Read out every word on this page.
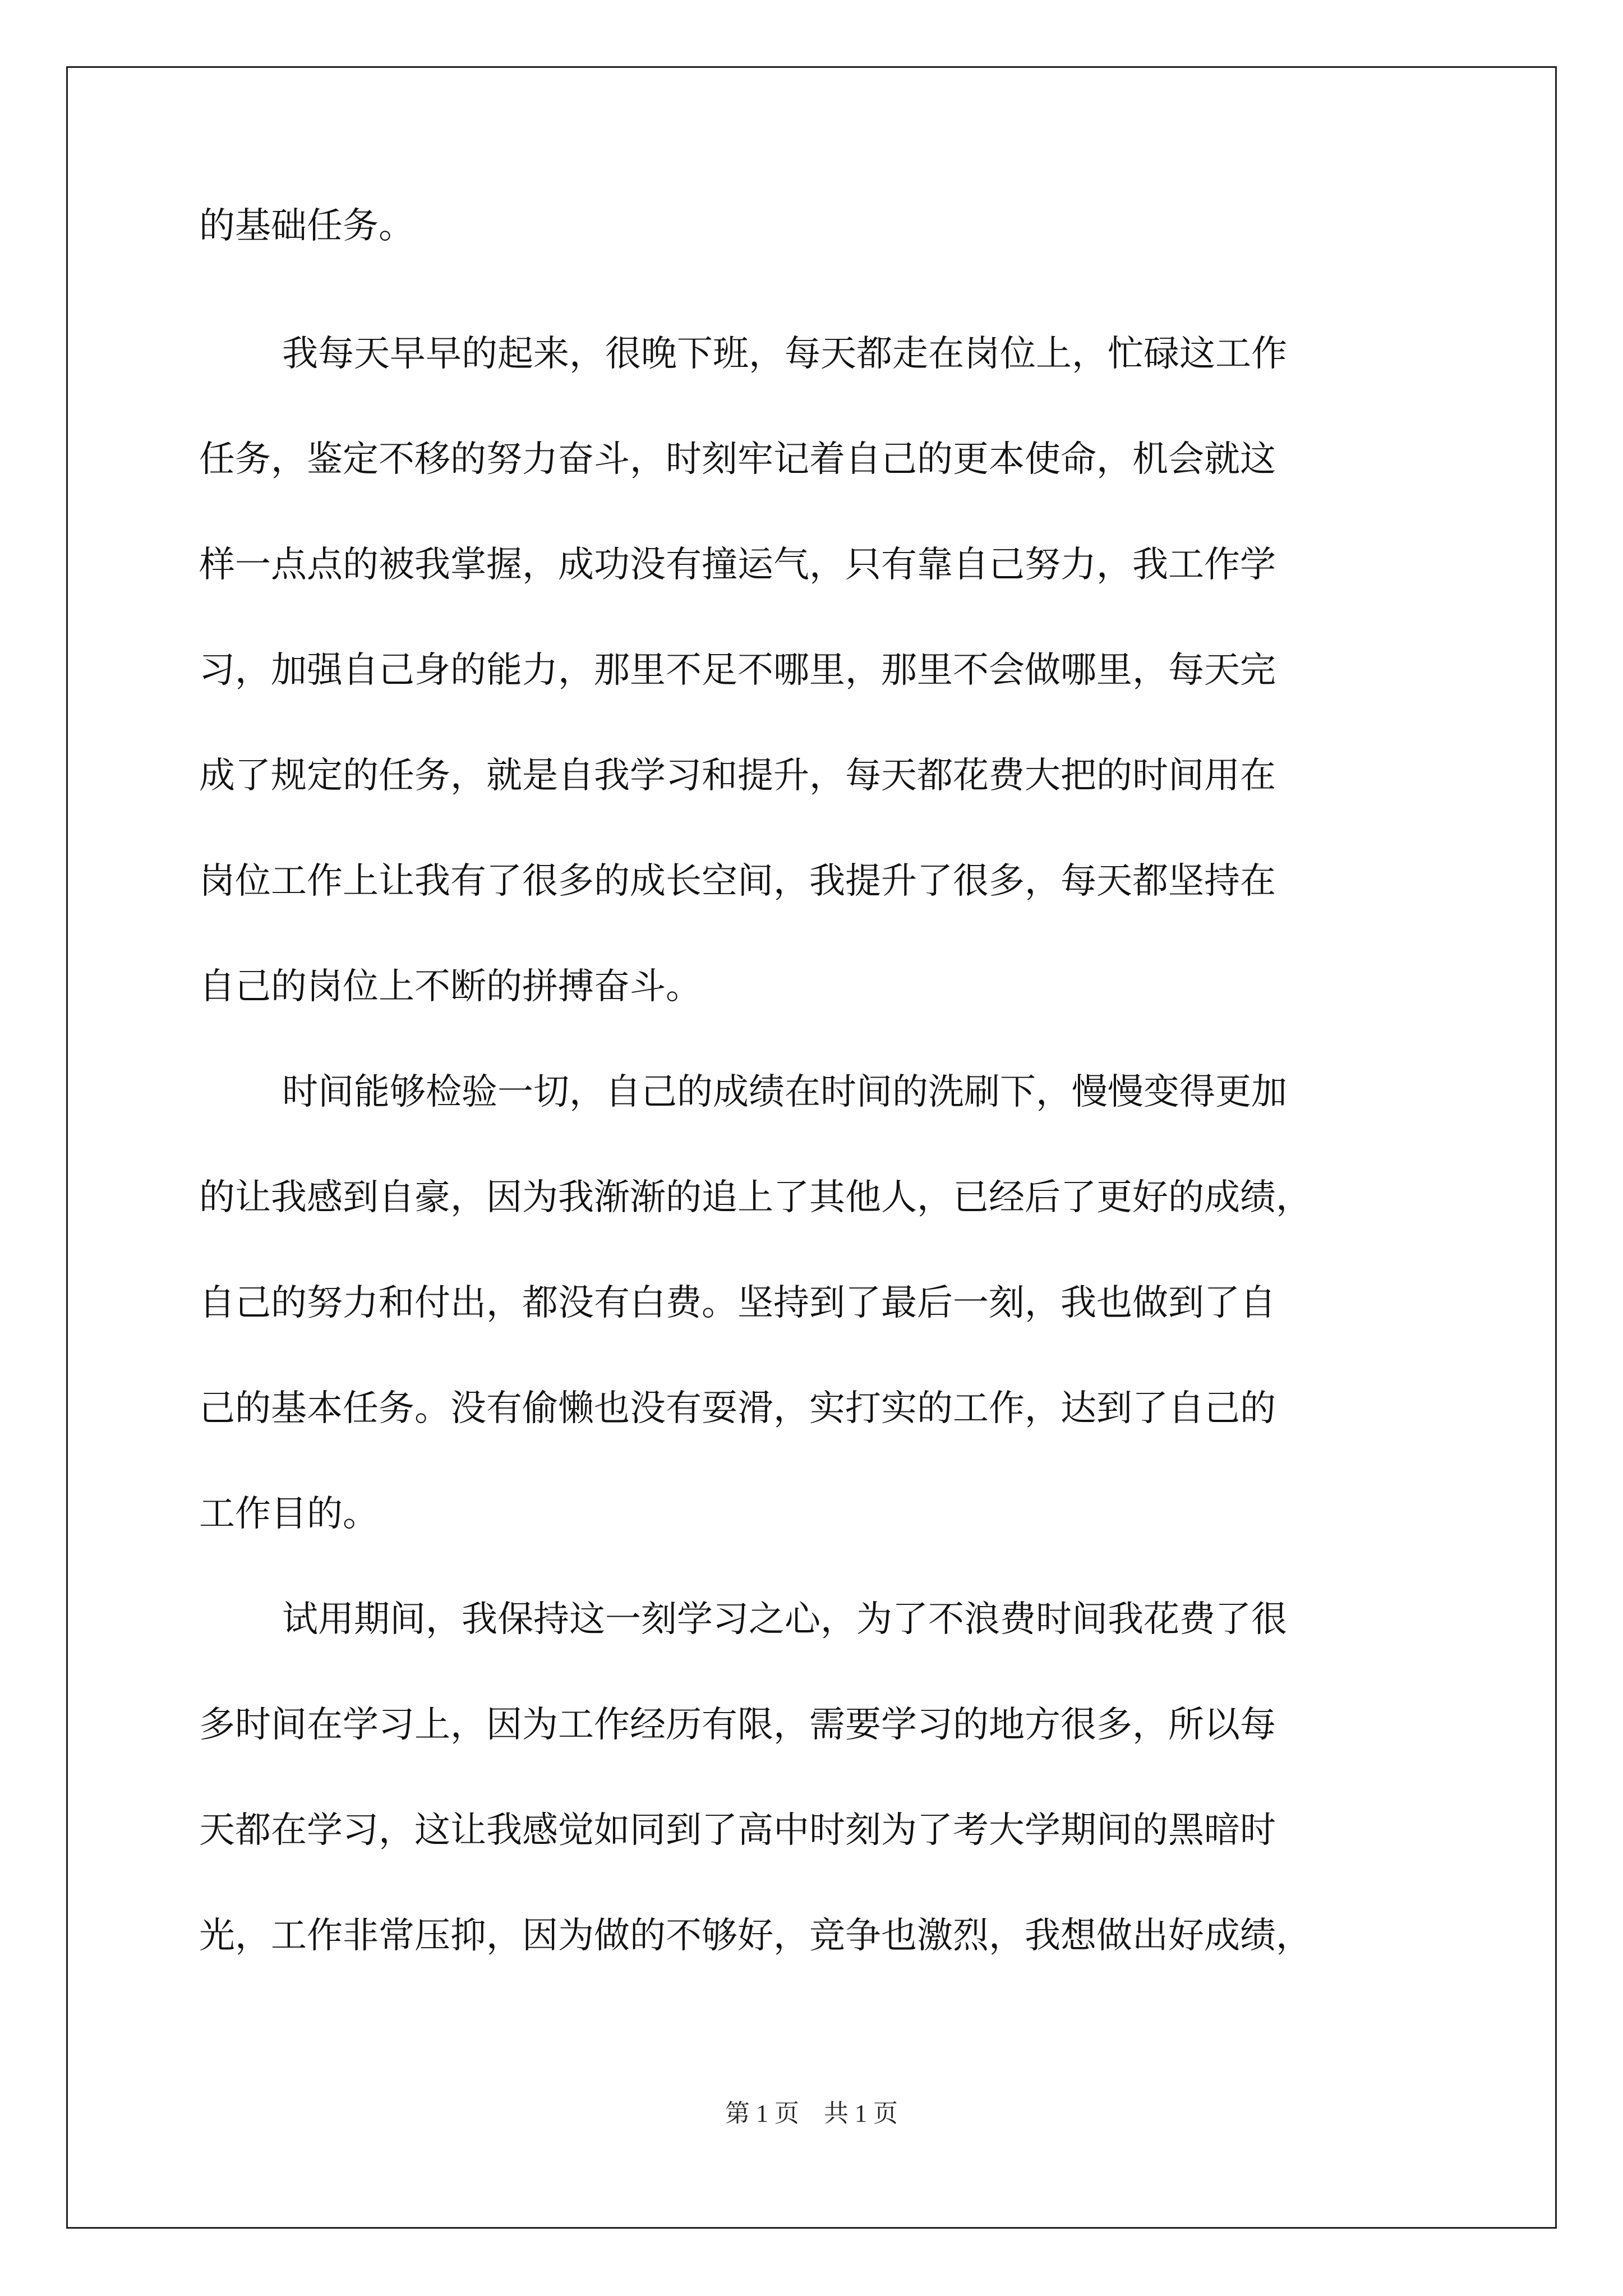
的基础任务。
我每天早早的起来，很晚下班，每天都走在岗位上，忙碌这工作
任务，鉴定不移的努力奋斗，时刻牢记着自己的更本使命，机会就这
样一点点的被我掌握，成功没有撞运气，只有靠自己努力，我工作学
习，加强自己身的能力，那里不足不哪里，那里不会做哪里，每天完
成了规定的任务，就是自我学习和提升，每天都花费大把的时间用在
岗位工作上让我有了很多的成长空间，我提升了很多，每天都坚持在
自己的岗位上不断的拼搏奋斗。
时间能够检验一切，自己的成绩在时间的洗刷下，慢慢变得更加
的让我感到自豪，因为我渐渐的追上了其他人，已经后了更好的成绩，
自己的努力和付出，都没有白费。坚持到了最后一刻，我也做到了自
己的基本任务。没有偷懒也没有耍滑，实打实的工作，达到了自己的
工作目的。
试用期间，我保持这一刻学习之心，为了不浪费时间我花费了很
多时间在学习上，因为工作经历有限，需要学习的地方很多，所以每
天都在学习，这让我感觉如同到了高中时刻为了考大学期间的黑暗时
光，工作非常压抑，因为做的不够好，竞争也激烈，我想做出好成绩，
第 1 页　共 1 页
